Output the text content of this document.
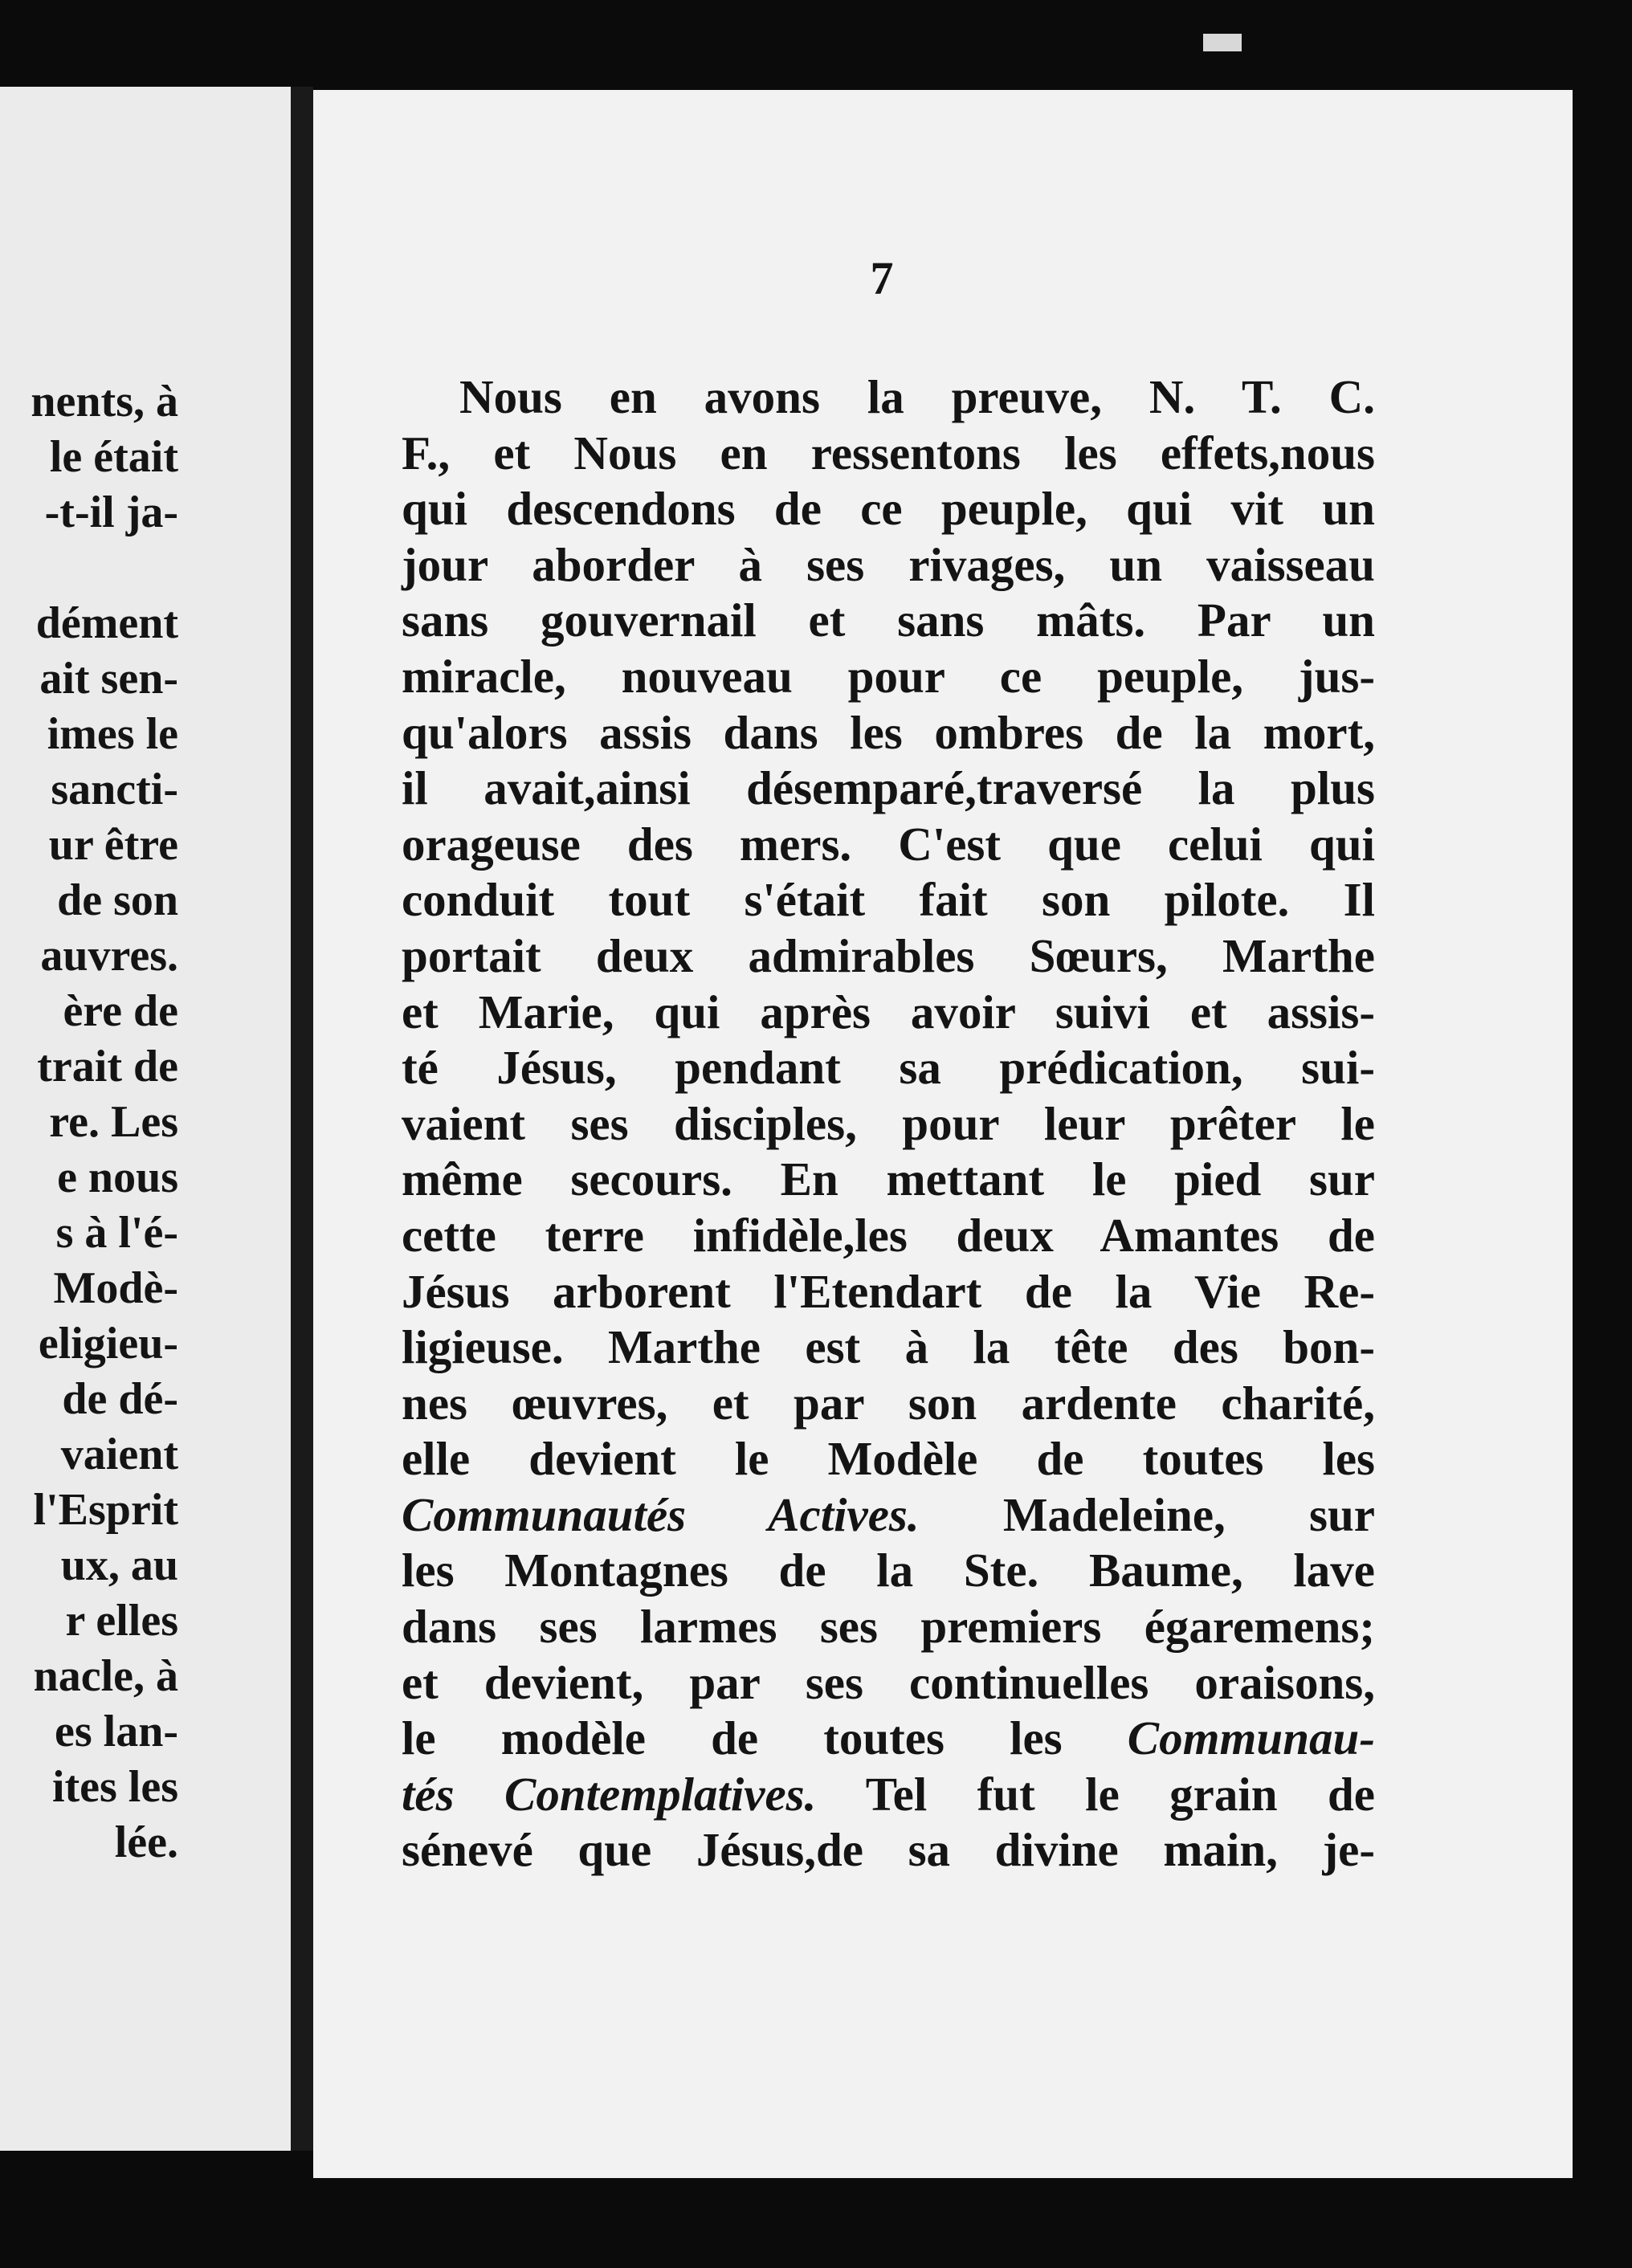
nents, à
le était
-t-il ja-
dément
ait sen-
imes le
sancti-
ur être
de son
auvres.
ère de
trait de
re. Les
e nous
s à l'é-
Modè-
eligieu-
de dé-
vaient
l'Esprit
ux, au
r elles
nacle, à
es lan-
ites les
lée.
7
Nous en avons la preuve, N. T. C.
F., et Nous en ressentons les effets,nous
qui descendons de ce peuple, qui vit un
jour aborder à ses rivages, un vaisseau
sans gouvernail et sans mâts. Par un
miracle, nouveau pour ce peuple, jus-
qu'alors assis dans les ombres de la mort,
il avait,ainsi désemparé,traversé la plus
orageuse des mers. C'est que celui qui
conduit tout s'était fait son pilote. Il
portait deux admirables Sœurs, Marthe
et Marie, qui après avoir suivi et assis-
té Jésus, pendant sa prédication, sui-
vaient ses disciples, pour leur prêter le
même secours. En mettant le pied sur
cette terre infidèle,les deux Amantes de
Jésus arborent l'Etendart de la Vie Re-
ligieuse. Marthe est à la tête des bon-
nes œuvres, et par son ardente charité,
elle devient le Modèle de toutes les
Communautés Actives. Madeleine, sur
les Montagnes de la Ste. Baume, lave
dans ses larmes ses premiers égaremens;
et devient, par ses continuelles oraisons,
le modèle de toutes les Communau-
tés Contemplatives. Tel fut le grain de
sénevé que Jésus,de sa divine main, je-
